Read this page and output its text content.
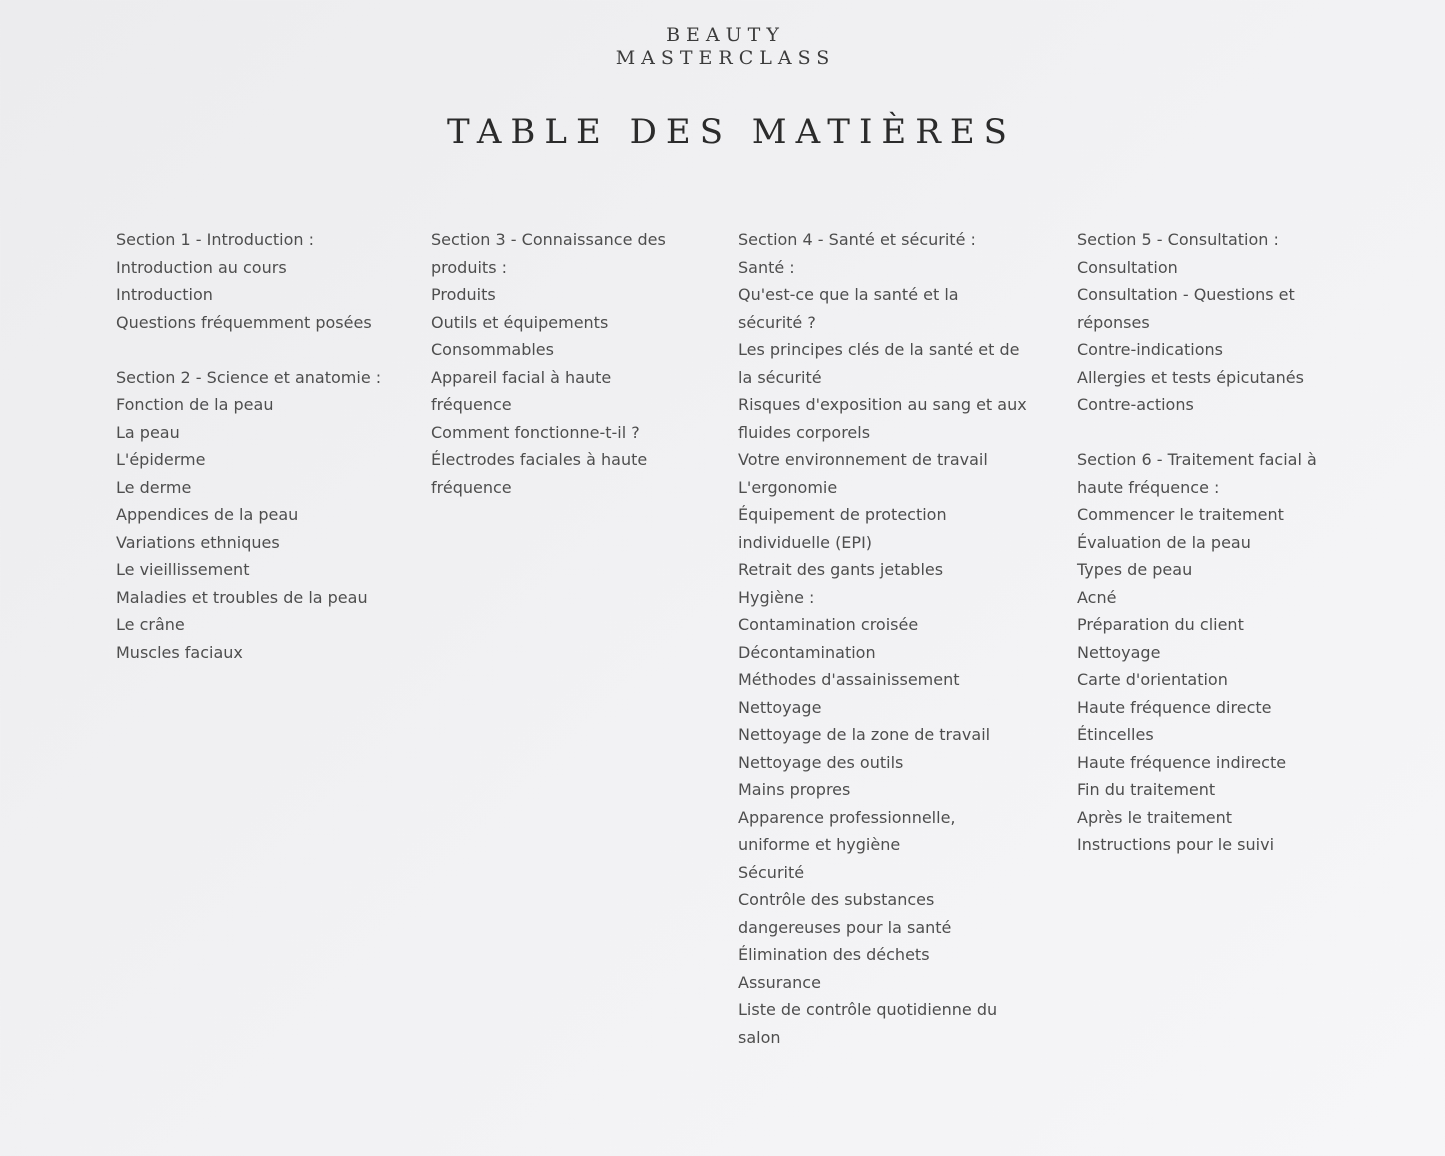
BEAUTY
MASTERCLASS
TABLE DES MATIÈRES
Section 1 - Introduction :
Introduction au cours
Introduction
Questions fréquemment posées
Section 2 - Science et anatomie :
Fonction de la peau
La peau
L'épiderme
Le derme
Appendices de la peau
Variations ethniques
Le vieillissement
Maladies et troubles de la peau
Le crâne
Muscles faciaux
Section 3 - Connaissance des
produits :
Produits
Outils et équipements
Consommables
Appareil facial à haute
fréquence
Comment fonctionne-t-il ?
Électrodes faciales à haute
fréquence
Section 4 - Santé et sécurité :
Santé :
Qu'est-ce que la santé et la
sécurité ?
Les principes clés de la santé et de
la sécurité
Risques d'exposition au sang et aux
fluides corporels
Votre environnement de travail
L'ergonomie
Équipement de protection
individuelle (EPI)
Retrait des gants jetables
Hygiène :
Contamination croisée
Décontamination
Méthodes d'assainissement
Nettoyage
Nettoyage de la zone de travail
Nettoyage des outils
Mains propres
Apparence professionnelle,
uniforme et hygiène
Sécurité
Contrôle des substances
dangereuses pour la santé
Élimination des déchets
Assurance
Liste de contrôle quotidienne du
salon
Section 5 - Consultation :
Consultation
Consultation - Questions et
réponses
Contre-indications
Allergies et tests épicutanés
Contre-actions
Section 6 - Traitement facial à
haute fréquence :
Commencer le traitement
Évaluation de la peau
Types de peau
Acné
Préparation du client
Nettoyage
Carte d'orientation
Haute fréquence directe
Étincelles
Haute fréquence indirecte
Fin du traitement
Après le traitement
Instructions pour le suivi
